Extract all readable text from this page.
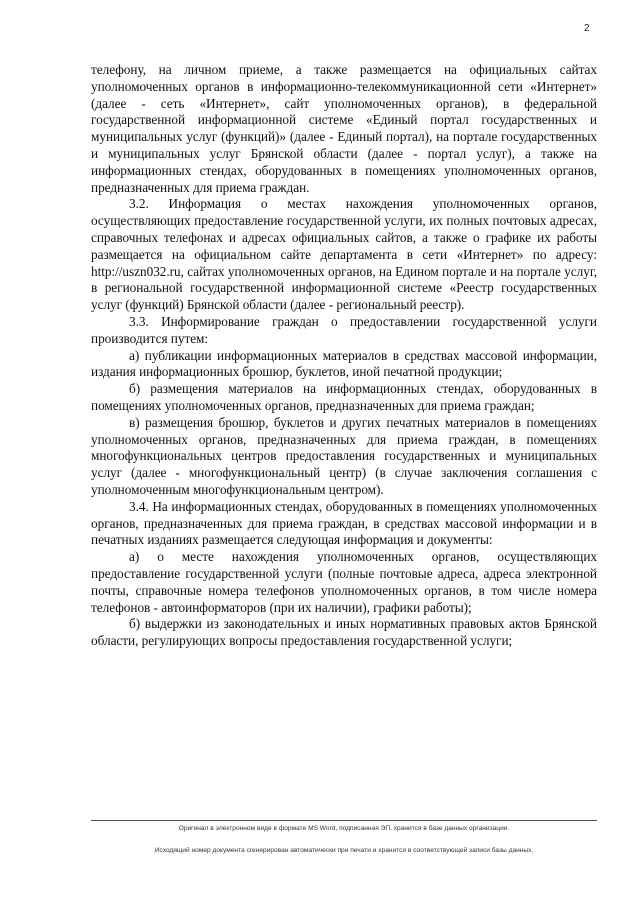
2

телефону, на личном приеме, а также размещается на официальных сайтах уполномоченных органов в информационно-телекоммуникационной сети «Интернет» (далее - сеть «Интернет», сайт уполномоченных органов), в федеральной государственной информационной системе «Единый портал государственных и муниципальных услуг (функций)» (далее - Единый портал), на портале государственных и муниципальных услуг Брянской области (далее - портал услуг), а также на информационных стендах, оборудованных в помещениях уполномоченных органов, предназначенных для приема граждан.

3.2. Информация о местах нахождения уполномоченных органов, осуществляющих предоставление государственной услуги, их полных почтовых адресах, справочных телефонах и адресах официальных сайтов, а также о графике их работы размещается на официальном сайте департамента в сети «Интернет» по адресу: http://uszn032.ru, сайтах уполномоченных органов, на Едином портале и на портале услуг, в региональной государственной информационной системе «Реестр государственных услуг (функций) Брянской области (далее - региональный реестр).

3.3. Информирование граждан о предоставлении государственной услуги производится путем:

а) публикации информационных материалов в средствах массовой информации, издания информационных брошюр, буклетов, иной печатной продукции;

б) размещения материалов на информационных стендах, оборудованных в помещениях уполномоченных органов, предназначенных для приема граждан;

в) размещения брошюр, буклетов и других печатных материалов в помещениях уполномоченных органов, предназначенных для приема граждан, в помещениях многофункциональных центров предоставления государственных и муниципальных услуг (далее - многофункциональный центр) (в случае заключения соглашения с уполномоченным многофункциональным центром).

3.4. На информационных стендах, оборудованных в помещениях уполномоченных органов, предназначенных для приема граждан, в средствах массовой информации и в печатных изданиях размещается следующая информация и документы:

а) о месте нахождения уполномоченных органов, осуществляющих предоставление государственной услуги (полные почтовые адреса, адреса электронной почты, справочные номера телефонов уполномоченных органов, в том числе номера телефонов - автоинформаторов (при их наличии), графики работы);

б) выдержки из законодательных и иных нормативных правовых актов Брянской области, регулирующих вопросы предоставления государственной услуги;

Оригинал в электронном виде в формате MS Word, подписанная ЭП, хранится в базе данных организации.
Исходящий номер документа сгенерирован автоматически при печати и хранится в соответствующей записи базы данных.
